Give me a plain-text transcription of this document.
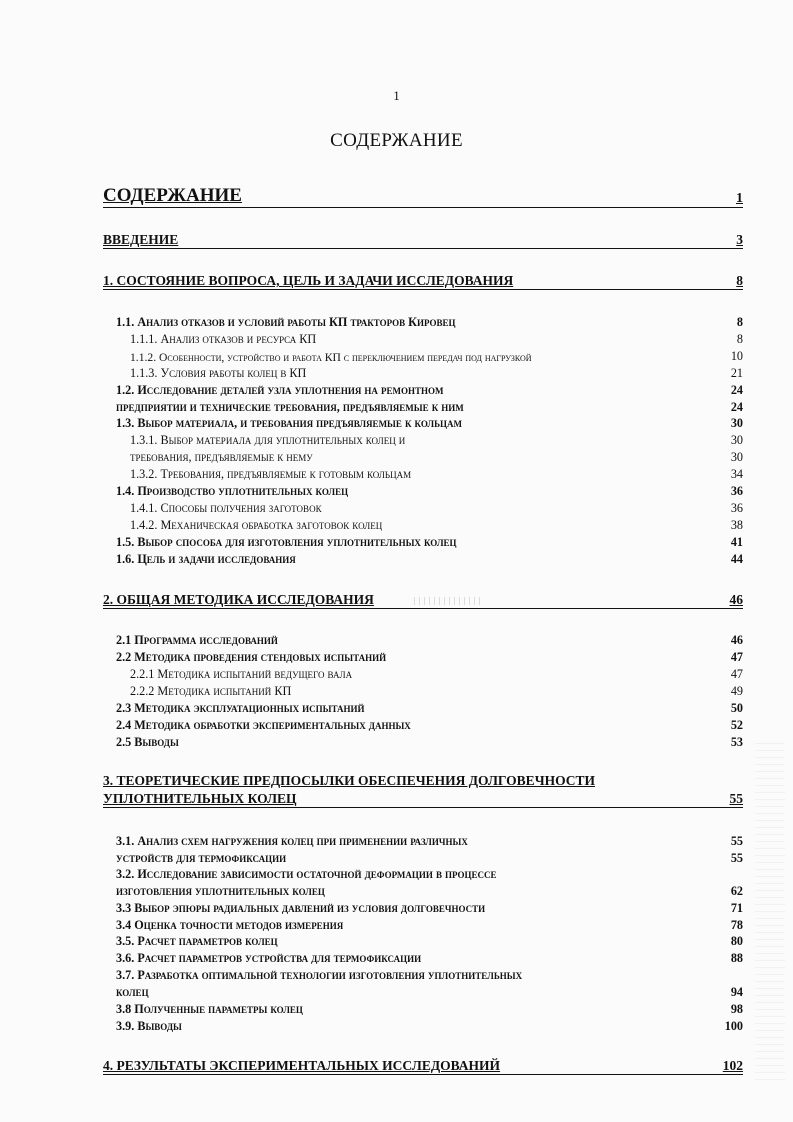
1
СОДЕРЖАНИЕ
СОДЕРЖАНИЕ	1
ВВЕДЕНИЕ	3
1. СОСТОЯНИЕ ВОПРОСА, ЦЕЛЬ И ЗАДАЧИ ИССЛЕДОВАНИЯ	8
1.1. Анализ отказов и условий работы КП тракторов Кировец	8
1.1.1. Анализ отказов и ресурса КП	8
1.1.2. Особенности, устройство и работа КП с переключением передач под нагрузкой	10
1.1.3. Условия работы колец в КП	21
1.2. Исследование деталей узла уплотнения на ремонтном	24
предприятии и технические требования, предъявляемые к ним	24
1.3. Выбор материала, и требования предъявляемые к кольцам	30
1.3.1. Выбор материала для уплотнительных колец и	30
требования, предъявляемые к нему	30
1.3.2. Требования, предъявляемые к готовым кольцам	34
1.4. Производство уплотнительных колец	36
1.4.1. Способы получения заготовок	36
1.4.2. Механическая обработка заготовок колец	38
1.5. Выбор способа для изготовления уплотнительных колец	41
1.6. Цель и задачи исследования	44
2. ОБЩАЯ МЕТОДИКА ИССЛЕДОВАНИЯ	46
2.1 Программа исследований	46
2.2 Методика проведения стендовых испытаний	47
2.2.1 Методика испытаний ведущего вала	47
2.2.2 Методика испытаний КП	49
2.3 Методика эксплуатационных испытаний	50
2.4 Методика обработки экспериментальных данных	52
2.5 Выводы	53
3. ТЕОРЕТИЧЕСКИЕ ПРЕДПОСЫЛКИ ОБЕСПЕЧЕНИЯ ДОЛГОВЕЧНОСТИ
УПЛОТНИТЕЛЬНЫХ КОЛЕЦ	55
3.1. Анализ схем нагружения колец при применении различных	55
устройств для термофиксации	55
3.2. Исследование зависимости остаточной деформации в процессе
изготовления уплотнительных колец	62
3.3 Выбор эпюры радиальных давлений из условия долговечности	71
3.4 Оценка точности методов измерения	78
3.5. Расчет параметров колец	80
3.6. Расчет параметров устройства для термофиксации	88
3.7. Разработка оптимальной технологии изготовления уплотнительных
колец	94
3.8 Полученные параметры колец	98
3.9. Выводы	100
4. РЕЗУЛЬТАТЫ ЭКСПЕРИМЕНТАЛЬНЫХ ИССЛЕДОВАНИЙ	102
